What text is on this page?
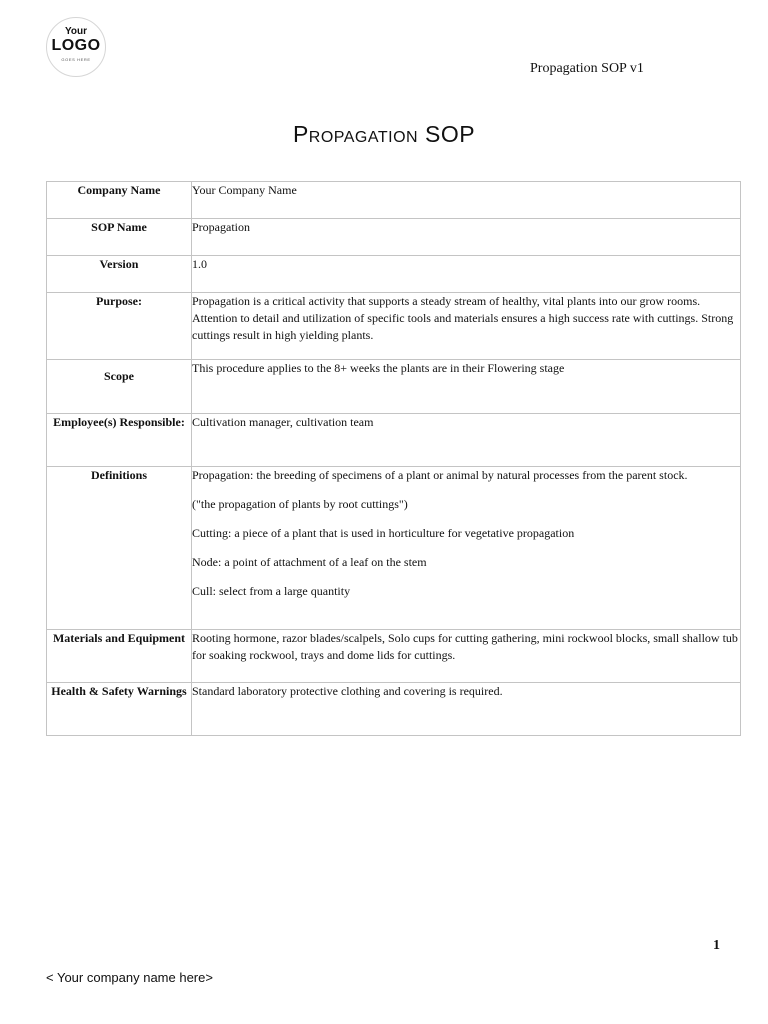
Your
LOGO
GOES HERE
Propagation SOP v1
Propagation SOP
Company Name	Your Company Name

SOP Name	Propagation

Version	1.0

Purpose:	Propagation is a critical activity that supports a steady stream of healthy, vital plants into our grow rooms. Attention to detail and utilization of specific tools and materials ensures a high success rate with cuttings. Strong cuttings result in high yielding plants.

Scope	This procedure applies to the 8+ weeks the plants are in their Flowering stage

Employee(s) Responsible:	Cultivation manager, cultivation team

Definitions	Propagation: the breeding of specimens of a plant or animal by natural processes from the parent stock.

("the propagation of plants by root cuttings")

Cutting: a piece of a plant that is used in horticulture for vegetative propagation

Node: a point of attachment of a leaf on the stem

Cull: select from a large quantity

Materials and Equipment	Rooting hormone, razor blades/scalpels, Solo cups for cutting gathering, mini rockwool blocks, small shallow tub for soaking rockwool, trays and dome lids for cuttings.

Health & Safety Warnings	Standard laboratory protective clothing and covering is required.

1
< Your company name here>
